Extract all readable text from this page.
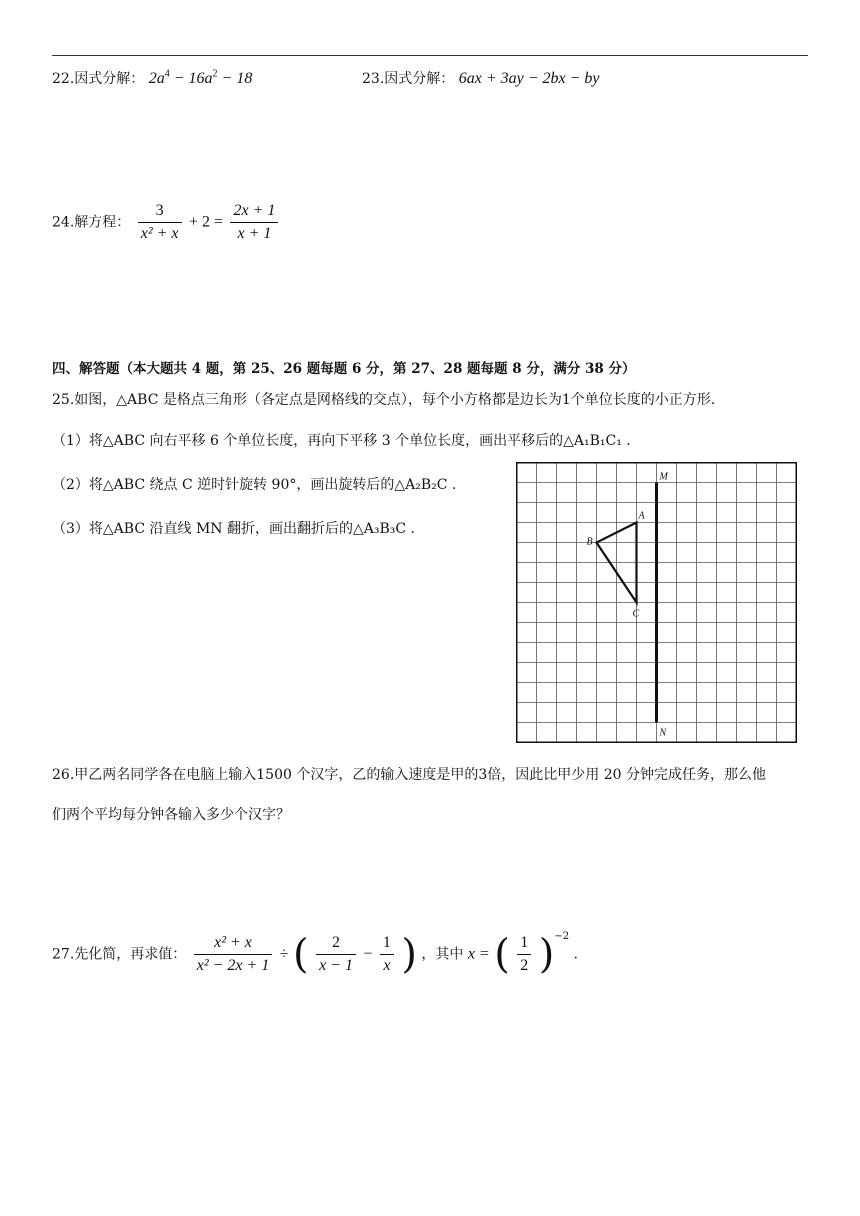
22.因式分解： $2a^4 - 16a^2 - 18$	23.因式分解： 6ax + 3ay − 2bx − by
24.解方程： $\frac{3}{\text{x² + x}} + 2 = \frac{2x + 1}{x + 1}$
四、解答题（本大题共 4 题，第 25、26 题每题 6 分，第 27、28 题每题 8 分，满分 38 分）
25.如图，△ABC 是格点三角形（各定点是网格线的交点），每个小方格都是边长为1个单位长度的小正方形.
（1）将△ABC 向右平移 6 个单位长度，再向下平移 3 个单位长度，画出平移后的△A₁B₁C₁ .
（2）将△ABC 绕点 C 逆时针旋转 90°，画出旋转后的△A₂B₂C .
（3）将△ABC 沿直线 MN 翻折，画出翻折后的△A₃B₃C .
M
N
A
B
C
26.甲乙两名同学各在电脑上输入1500 个汉字，乙的输入速度是甲的3倍，因此比甲少用 20 分钟完成任务，那么他
们两个平均每分钟各输入多少个汉字？
27.先化简，再求值： $\frac{\text{x² + x}}{\text{x² − 2x + 1}}$ ÷ ( $\frac{2}{x - 1} - \frac{1}{x}$ ) ，其中 x = ( $\frac{1}{2} )^{-2}$ .
